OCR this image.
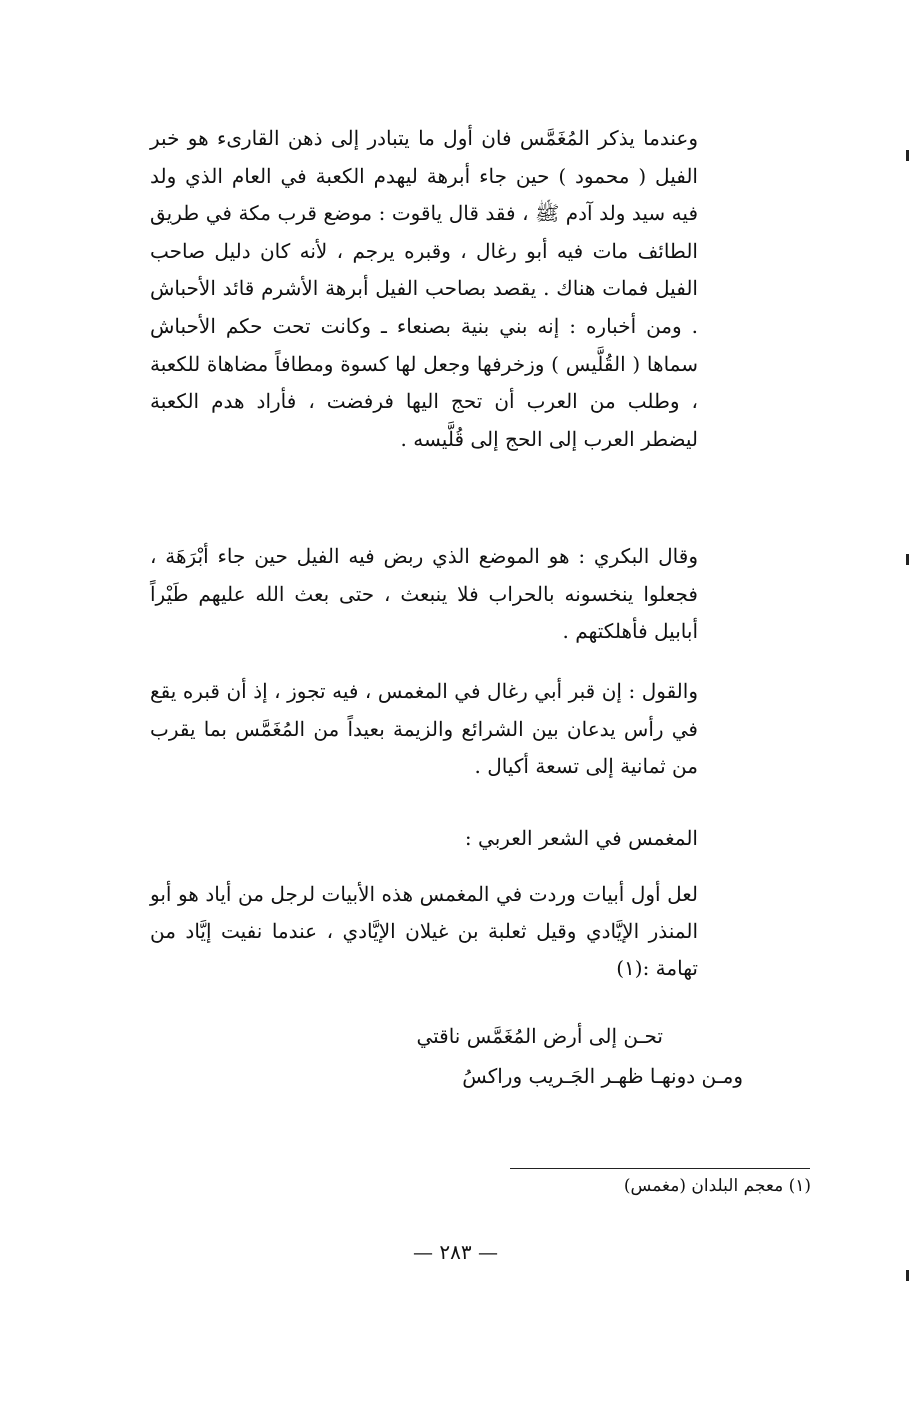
وعندما يذكر المُغَمَّس فان أول ما يتبادر إلى ذهن القارىء هو خبر الفيل ( محمود ) حين جاء أبرهة ليهدم الكعبة في العام الذي ولد فيه سيد ولد آدم ﷺ ، فقد قال ياقوت : موضع قرب مكة في طريق الطائف مات فيه أبو رغال ، وقبره يرجم ، لأنه كان دليل صاحب الفيل فمات هناك . يقصد بصاحب الفيل أبرهة الأشرم قائد الأحباش . ومن أخباره : إنه بني بنية بصنعاء ـ وكانت تحت حكم الأحباش سماها ( القُلَّيس ) وزخرفها وجعل لها كسوة ومطافاً مضاهاة للكعبة ، وطلب من العرب أن تحج اليها فرفضت ، فأراد هدم الكعبة ليضطر العرب إلى الحج إلى قُلَّيسه .

وقال البكري : هو الموضع الذي ربض فيه الفيل حين جاء أبْرَهَة ، فجعلوا ينخسونه بالحراب فلا ينبعث ، حتى بعث الله عليهم طَيْراً أبابيل فأهلكتهم .

والقول : إن قبر أبي رغال في المغمس ، فيه تجوز ، إذ أن قبره يقع في رأس يدعان بين الشرائع والزيمة بعيداً من المُغَمَّس بما يقرب من ثمانية إلى تسعة أكيال .

المغمس في الشعر العربي :

لعل أول أبيات وردت في المغمس هذه الأبيات لرجل من أياد هو أبو المنذر الإيَّادي وقيل ثعلبة بن غيلان الإيَّادي ، عندما نفيت إيَّاد من تهامة :(١)

تحـن إلى أرض المُغَمَّس ناقتي
ومـن دونهـا ظهـر الجَـريب وراكسُ
(١) معجم البلدان (مغمس)
— ٢٨٣ —
